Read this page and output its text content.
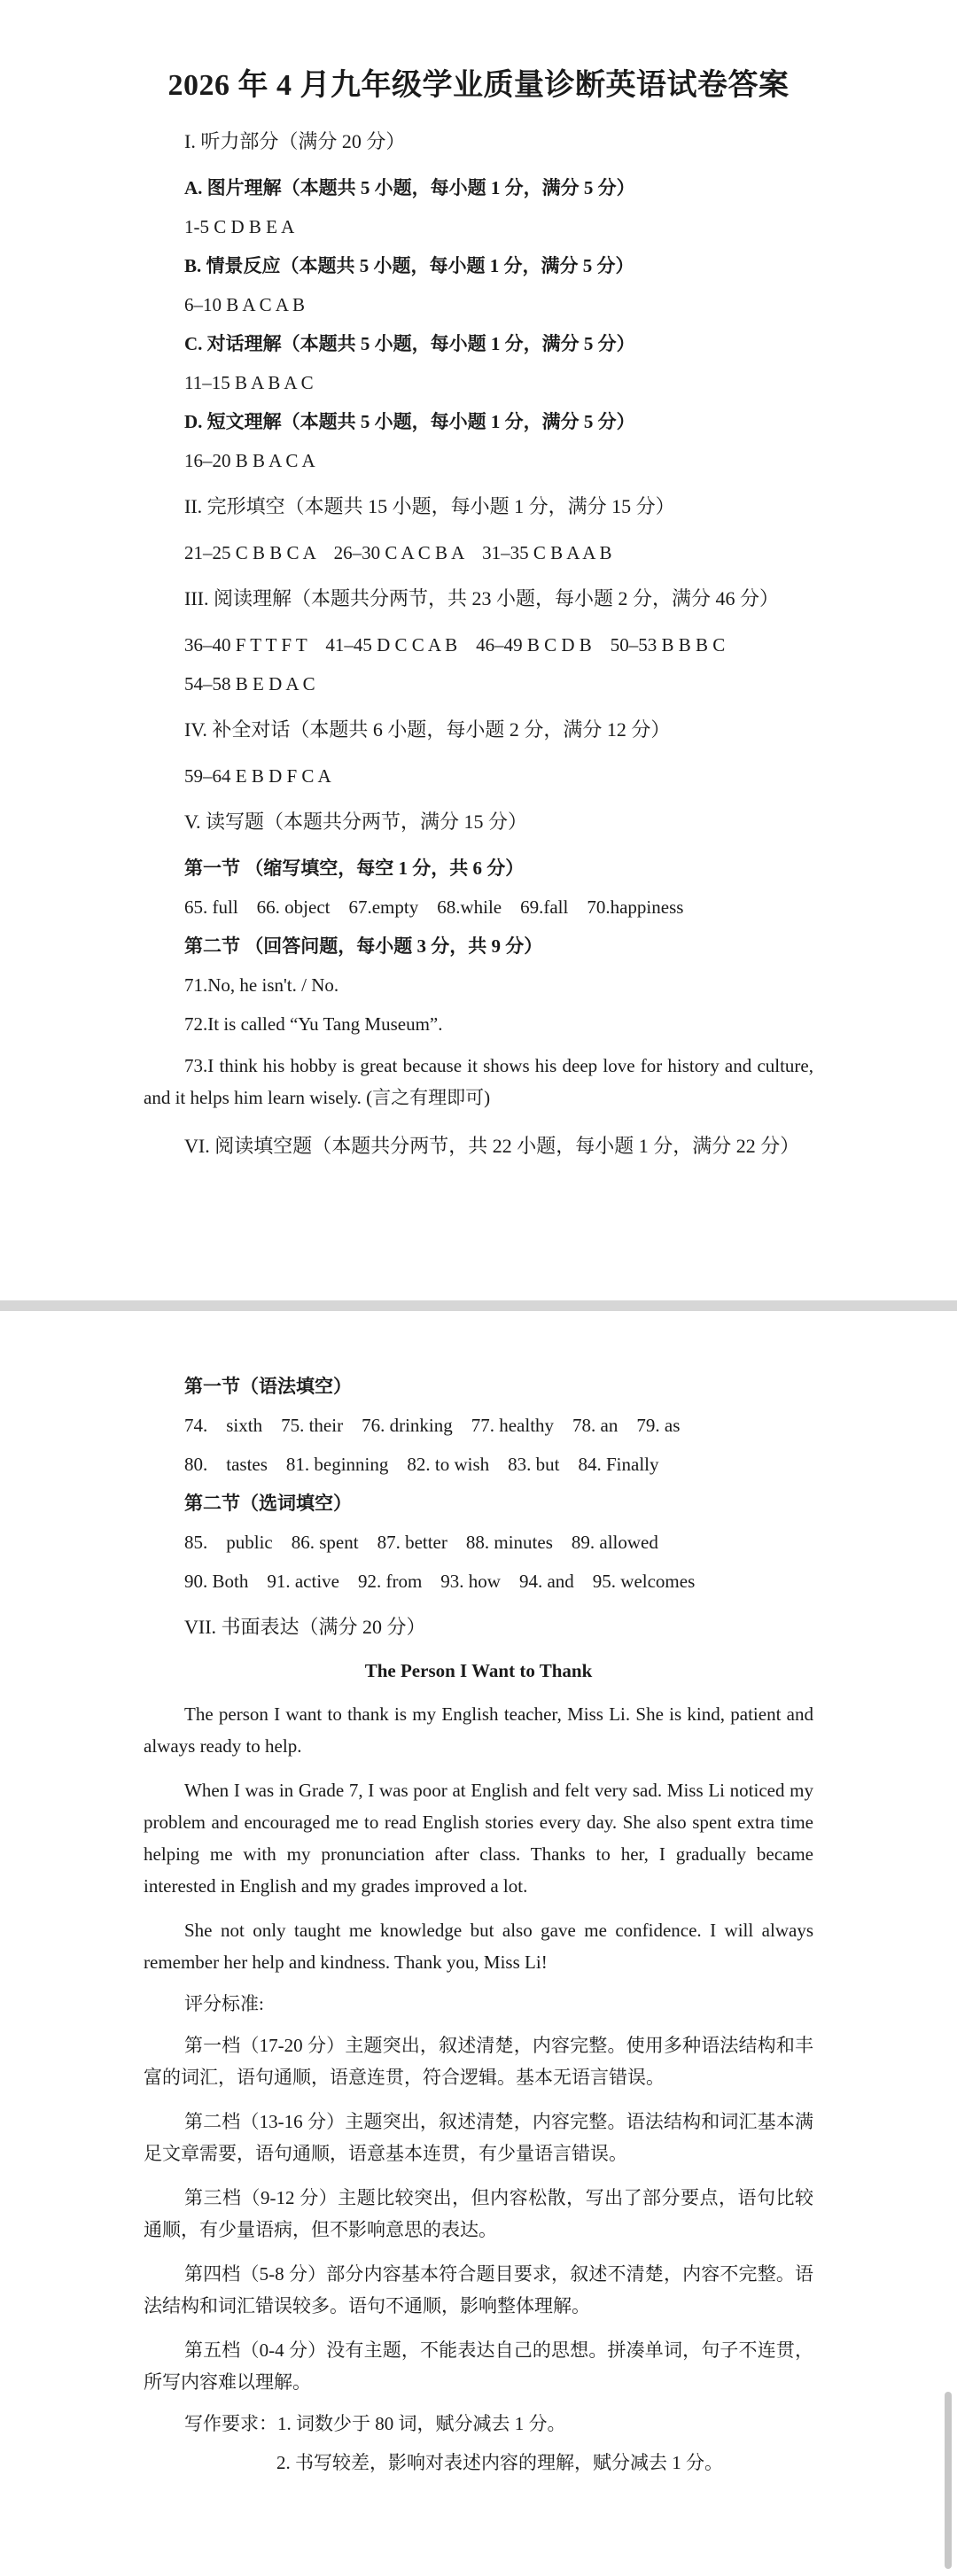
2026 年 4 月九年级学业质量诊断英语试卷答案
I. 听力部分（满分 20 分）
A. 图片理解（本题共 5 小题，每小题 1 分，满分 5 分）
1-5 C D B E A
B. 情景反应（本题共 5 小题，每小题 1 分，满分 5 分）
6–10 B A C A B
C. 对话理解（本题共 5 小题，每小题 1 分，满分 5 分）
11–15 B A B A C
D. 短文理解（本题共 5 小题，每小题 1 分，满分 5 分）
16–20 B B A C A
II. 完形填空（本题共 15 小题，每小题 1 分，满分 15 分）
21–25 C B B C A　26–30 C A C B A　31–35 C B A A B
III. 阅读理解（本题共分两节，共 23 小题，每小题 2 分，满分 46 分）
36–40 F T T F T　41–45 D C C A B　46–49 B C D B　50–53 B B B C
54–58 B E D A C
IV. 补全对话（本题共 6 小题，每小题 2 分，满分 12 分）
59–64 E B D F C A
V. 读写题（本题共分两节，满分 15 分）
第一节 （缩写填空，每空 1 分，共 6 分）
65. full　66. object　67.empty　68.while　69.fall　70.happiness
第二节 （回答问题，每小题 3 分，共 9 分）
71.No, he isn't. / No.
72.It is called “Yu Tang Museum”.

73.I think his hobby is great because it shows his deep love for history and culture, and it helps him learn wisely. (言之有理即可)

VI. 阅读填空题（本题共分两节，共 22 小题，每小题 1 分，满分 22 分）
第一节（语法填空）
74.　sixth　75. their　76. drinking　77. healthy　78. an　79. as
80.　tastes　81. beginning　82. to wish　83. but　84. Finally
第二节（选词填空）
85.　public　86. spent　87. better　88. minutes　89. allowed
90. Both　91. active　92. from　93. how　94. and　95. welcomes
VII. 书面表达（满分 20 分）
The Person I Want to Thank

The person I want to thank is my English teacher, Miss Li. She is kind, patient and always ready to help.

When I was in Grade 7, I was poor at English and felt very sad. Miss Li noticed my problem and encouraged me to read English stories every day. She also spent extra time helping me with my pronunciation after class. Thanks to her, I gradually became interested in English and my grades improved a lot.

She not only taught me knowledge but also gave me confidence. I will always remember her help and kindness. Thank you, Miss Li!

评分标准:

第一档（17-20 分）主题突出，叙述清楚，内容完整。使用多种语法结构和丰富的词汇，语句通顺，语意连贯，符合逻辑。基本无语言错误。

第二档（13-16 分）主题突出，叙述清楚，内容完整。语法结构和词汇基本满足文章需要，语句通顺，语意基本连贯，有少量语言错误。

第三档（9-12 分）主题比较突出，但内容松散，写出了部分要点，语句比较通顺，有少量语病，但不影响意思的表达。

第四档（5-8 分）部分内容基本符合题目要求，叙述不清楚，内容不完整。语法结构和词汇错误较多。语句不通顺，影响整体理解。

第五档（0-4 分）没有主题，不能表达自己的思想。拼凑单词，句子不连贯，所写内容难以理解。

写作要求：1. 词数少于 80 词，赋分减去 1 分。
2. 书写较差，影响对表述内容的理解，赋分减去 1 分。
